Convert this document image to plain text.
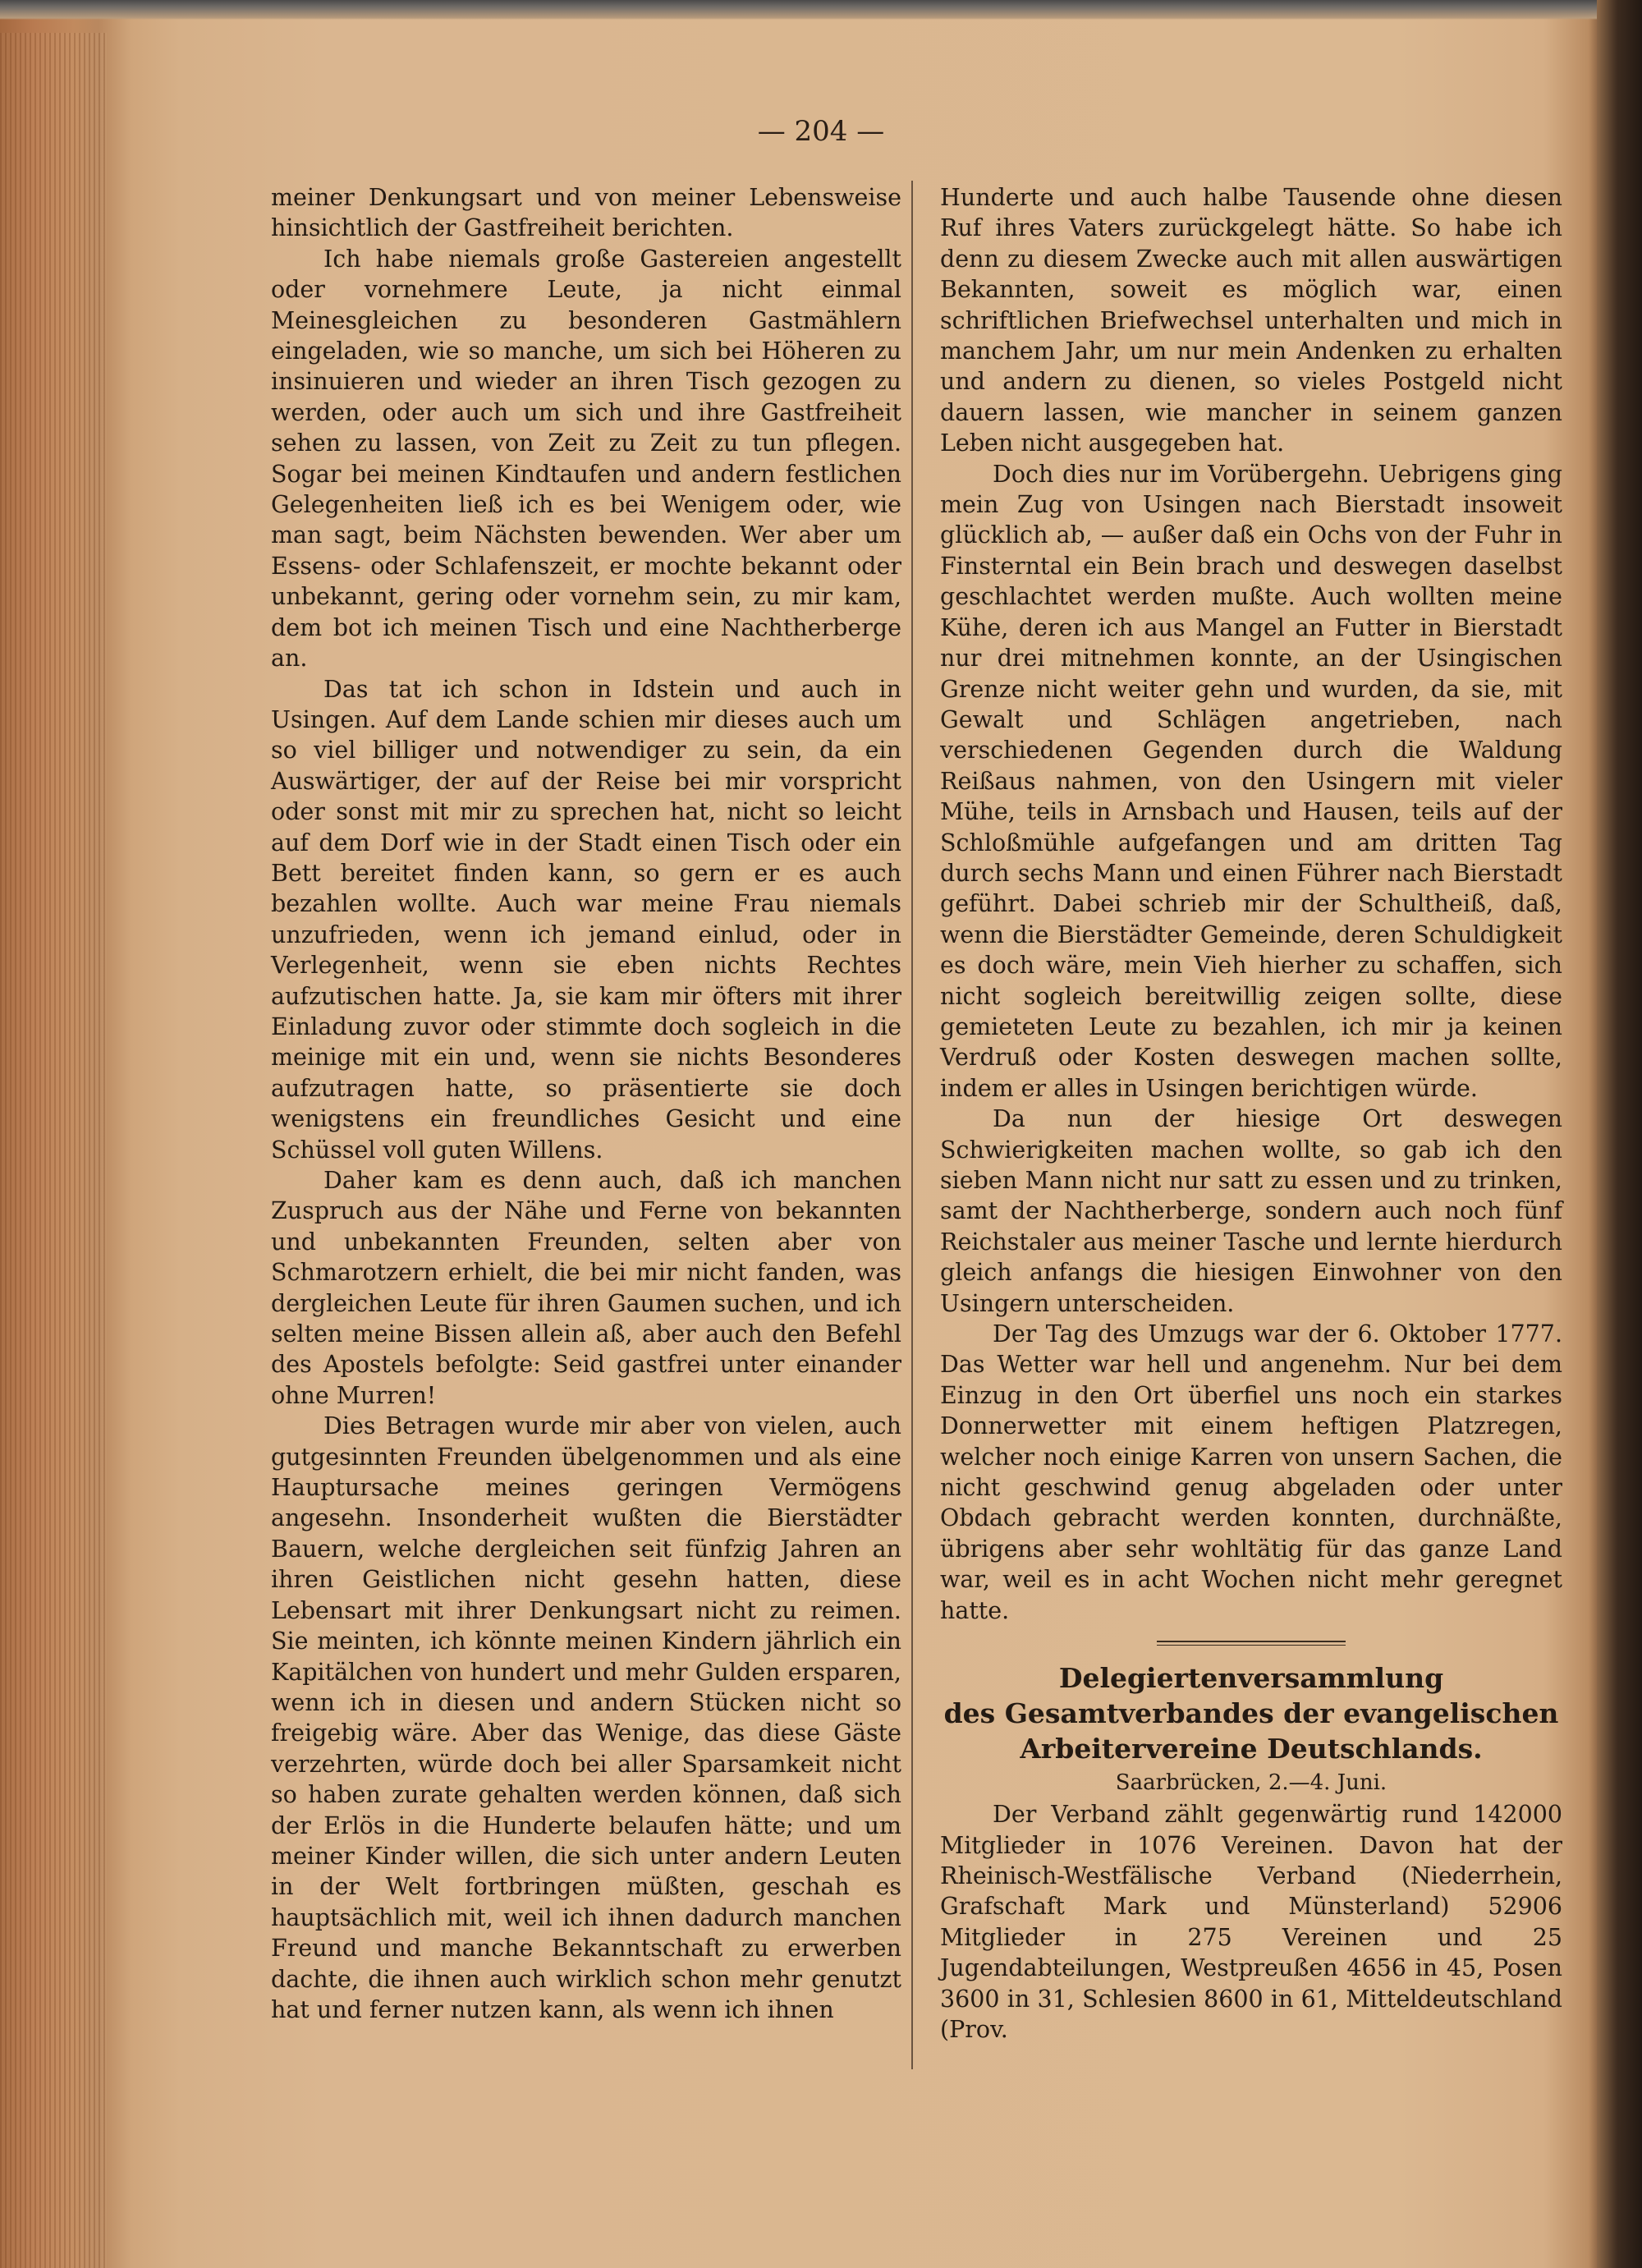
— 204 —

meiner Denkungsart und von meiner Lebensweise hinsichtlich der Gastfreiheit berichten.

Ich habe niemals große Gastereien angestellt oder vornehmere Leute, ja nicht einmal Meinesgleichen zu besonderen Gastmählern eingeladen, wie so manche, um sich bei Höheren zu insinuieren und wieder an ihren Tisch gezogen zu werden, oder auch um sich und ihre Gastfreiheit sehen zu lassen, von Zeit zu Zeit zu tun pflegen. Sogar bei meinen Kindtaufen und andern festlichen Gelegenheiten ließ ich es bei Wenigem oder, wie man sagt, beim Nächsten bewenden. Wer aber um Essens- oder Schlafenszeit, er mochte bekannt oder unbekannt, gering oder vornehm sein, zu mir kam, dem bot ich meinen Tisch und eine Nachtherberge an.

Das tat ich schon in Idstein und auch in Usingen. Auf dem Lande schien mir dieses auch um so viel billiger und notwendiger zu sein, da ein Auswärtiger, der auf der Reise bei mir vorspricht oder sonst mit mir zu sprechen hat, nicht so leicht auf dem Dorf wie in der Stadt einen Tisch oder ein Bett bereitet finden kann, so gern er es auch bezahlen wollte. Auch war meine Frau niemals unzufrieden, wenn ich jemand einlud, oder in Verlegenheit, wenn sie eben nichts Rechtes aufzutischen hatte. Ja, sie kam mir öfters mit ihrer Einladung zuvor oder stimmte doch sogleich in die meinige mit ein und, wenn sie nichts Besonderes aufzutragen hatte, so präsentierte sie doch wenigstens ein freundliches Gesicht und eine Schüssel voll guten Willens.

Daher kam es denn auch, daß ich manchen Zuspruch aus der Nähe und Ferne von bekannten und unbekannten Freunden, selten aber von Schmarotzern erhielt, die bei mir nicht fanden, was dergleichen Leute für ihren Gaumen suchen, und ich selten meine Bissen allein aß, aber auch den Befehl des Apostels befolgte: Seid gastfrei unter einander ohne Murren!

Dies Betragen wurde mir aber von vielen, auch gutgesinnten Freunden übelgenommen und als eine Hauptursache meines geringen Vermögens angesehn. Insonderheit wußten die Bierstädter Bauern, welche dergleichen seit fünfzig Jahren an ihren Geistlichen nicht gesehn hatten, diese Lebensart mit ihrer Denkungsart nicht zu reimen. Sie meinten, ich könnte meinen Kindern jährlich ein Kapitälchen von hundert und mehr Gulden ersparen, wenn ich in diesen und andern Stücken nicht so freigebig wäre. Aber das Wenige, das diese Gäste verzehrten, würde doch bei aller Sparsamkeit nicht so haben zurate gehalten werden können, daß sich der Erlös in die Hunderte belaufen hätte; und um meiner Kinder willen, die sich unter andern Leuten in der Welt fortbringen müßten, geschah es hauptsächlich mit, weil ich ihnen dadurch manchen Freund und manche Bekanntschaft zu erwerben dachte, die ihnen auch wirklich schon mehr genutzt hat und ferner nutzen kann, als wenn ich ihnen

Hunderte und auch halbe Tausende ohne diesen Ruf ihres Vaters zurückgelegt hätte. So habe ich denn zu diesem Zwecke auch mit allen auswärtigen Bekannten, soweit es möglich war, einen schriftlichen Briefwechsel unterhalten und mich in manchem Jahr, um nur mein Andenken zu erhalten und andern zu dienen, so vieles Postgeld nicht dauern lassen, wie mancher in seinem ganzen Leben nicht ausgegeben hat.

Doch dies nur im Vorübergehn. Uebrigens ging mein Zug von Usingen nach Bierstadt insoweit glücklich ab, — außer daß ein Ochs von der Fuhr in Finsterntal ein Bein brach und deswegen daselbst geschlachtet werden mußte. Auch wollten meine Kühe, deren ich aus Mangel an Futter in Bierstadt nur drei mitnehmen konnte, an der Usingischen Grenze nicht weiter gehn und wurden, da sie, mit Gewalt und Schlägen angetrieben, nach verschiedenen Gegenden durch die Waldung Reißaus nahmen, von den Usingern mit vieler Mühe, teils in Arnsbach und Hausen, teils auf der Schloßmühle aufgefangen und am dritten Tag durch sechs Mann und einen Führer nach Bierstadt geführt. Dabei schrieb mir der Schultheiß, daß, wenn die Bierstädter Gemeinde, deren Schuldigkeit es doch wäre, mein Vieh hierher zu schaffen, sich nicht sogleich bereitwillig zeigen sollte, diese gemieteten Leute zu bezahlen, ich mir ja keinen Verdruß oder Kosten deswegen machen sollte, indem er alles in Usingen berichtigen würde.

Da nun der hiesige Ort deswegen Schwierigkeiten machen wollte, so gab ich den sieben Mann nicht nur satt zu essen und zu trinken, samt der Nachtherberge, sondern auch noch fünf Reichstaler aus meiner Tasche und lernte hierdurch gleich anfangs die hiesigen Einwohner von den Usingern unterscheiden.

Der Tag des Umzugs war der 6. Oktober 1777. Das Wetter war hell und angenehm. Nur bei dem Einzug in den Ort überfiel uns noch ein starkes Donnerwetter mit einem heftigen Platzregen, welcher noch einige Karren von unsern Sachen, die nicht geschwind genug abgeladen oder unter Obdach gebracht werden konnten, durchnäßte, übrigens aber sehr wohltätig für das ganze Land war, weil es in acht Wochen nicht mehr geregnet hatte.

Delegiertenversammlung

des Gesamtverbandes der evangelischen

Arbeitervereine Deutschlands.

Saarbrücken, 2.—4. Juni.

Der Verband zählt gegenwärtig rund 142000 Mitglieder in 1076 Vereinen. Davon hat der Rheinisch-Westfälische Verband (Niederrhein, Grafschaft Mark und Münsterland) 52906 Mitglieder in 275 Vereinen und 25 Jugendabteilungen, Westpreußen 4656 in 45, Posen 3600 in 31, Schlesien 8600 in 61, Mitteldeutschland (Prov.
